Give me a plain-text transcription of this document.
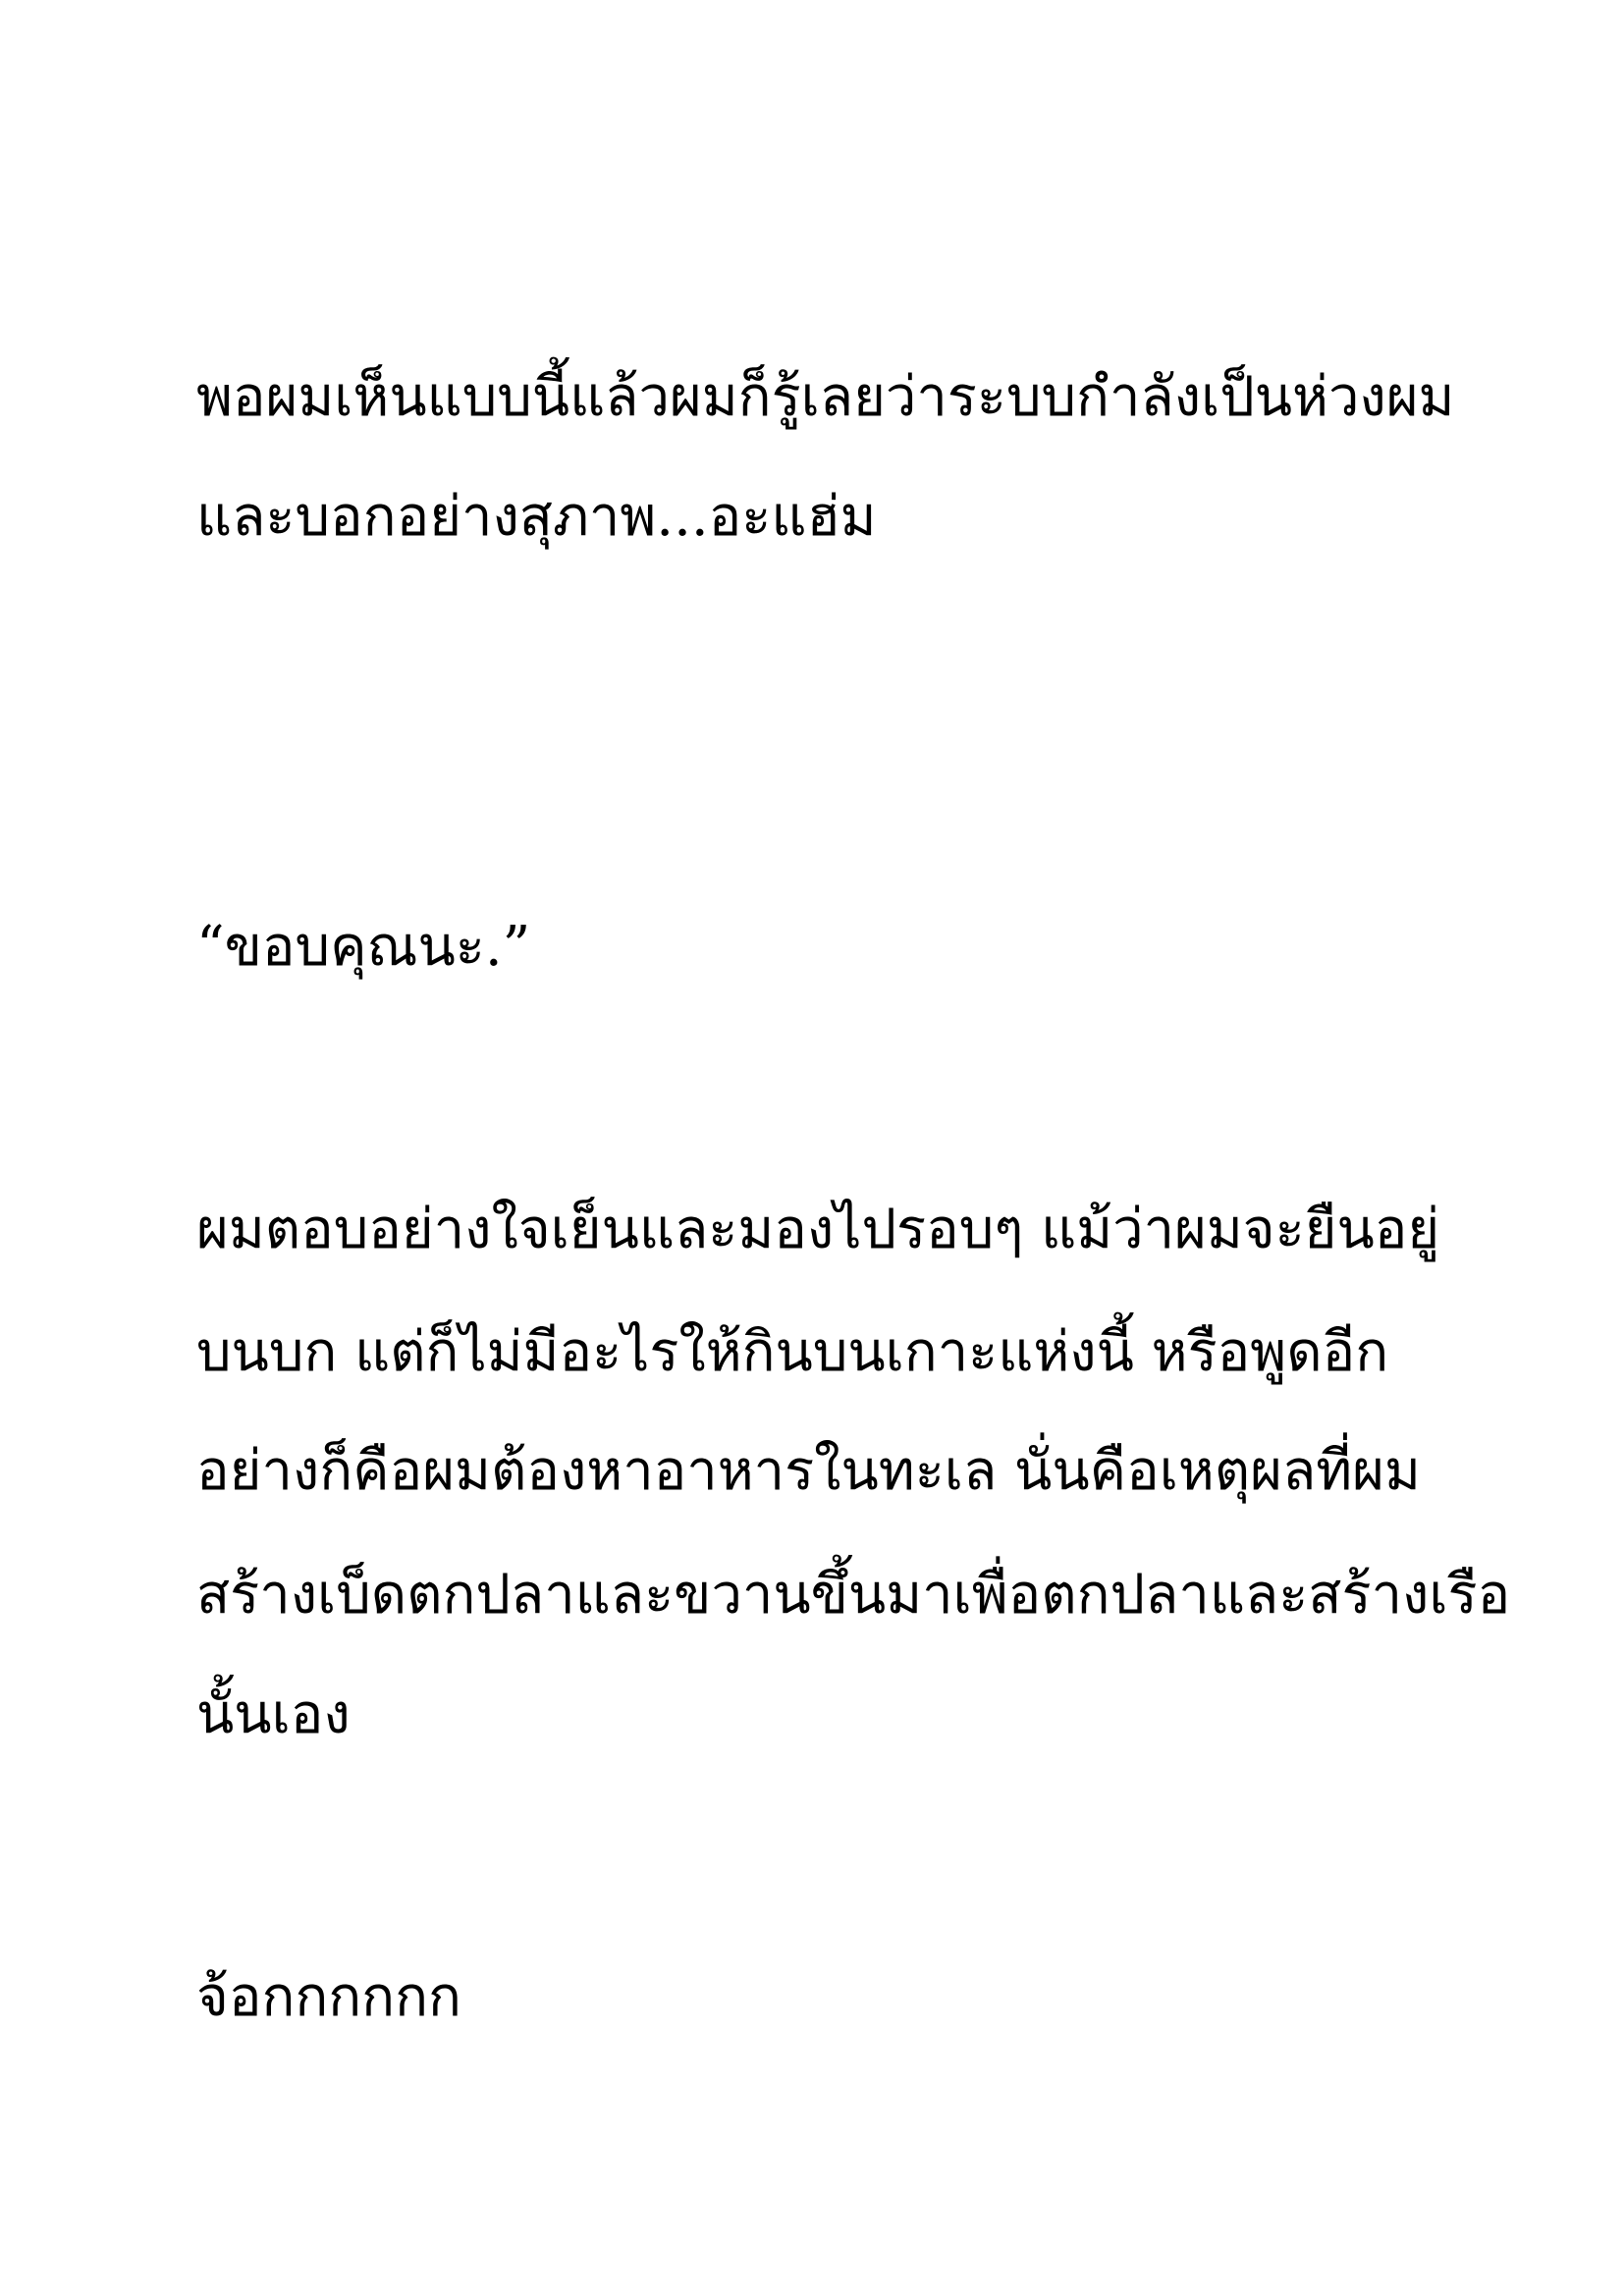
พอผมเห็นแบบนี้แล้วผมก็รู้เลยว่าระบบกำลังเป็นห่วงผม

และบอกอย่างสุภาพ...อะแฮ่ม

“ขอบคุณนะ.”

ผมตอบอย่างใจเย็นและมองไปรอบๆ แม้ว่าผมจะยืนอยู่

บนบก แต่ก็ไม่มีอะไรให้กินบนเกาะแห่งนี้ หรือพูดอีก

อย่างก็คือผมต้องหาอาหารในทะเล นั่นคือเหตุผลที่ผม

สร้างเบ็ดตกปลาและขวานขึ้นมาเพื่อตกปลาและสร้างเรือ

นั้นเอง

จ้อกกกกกก
